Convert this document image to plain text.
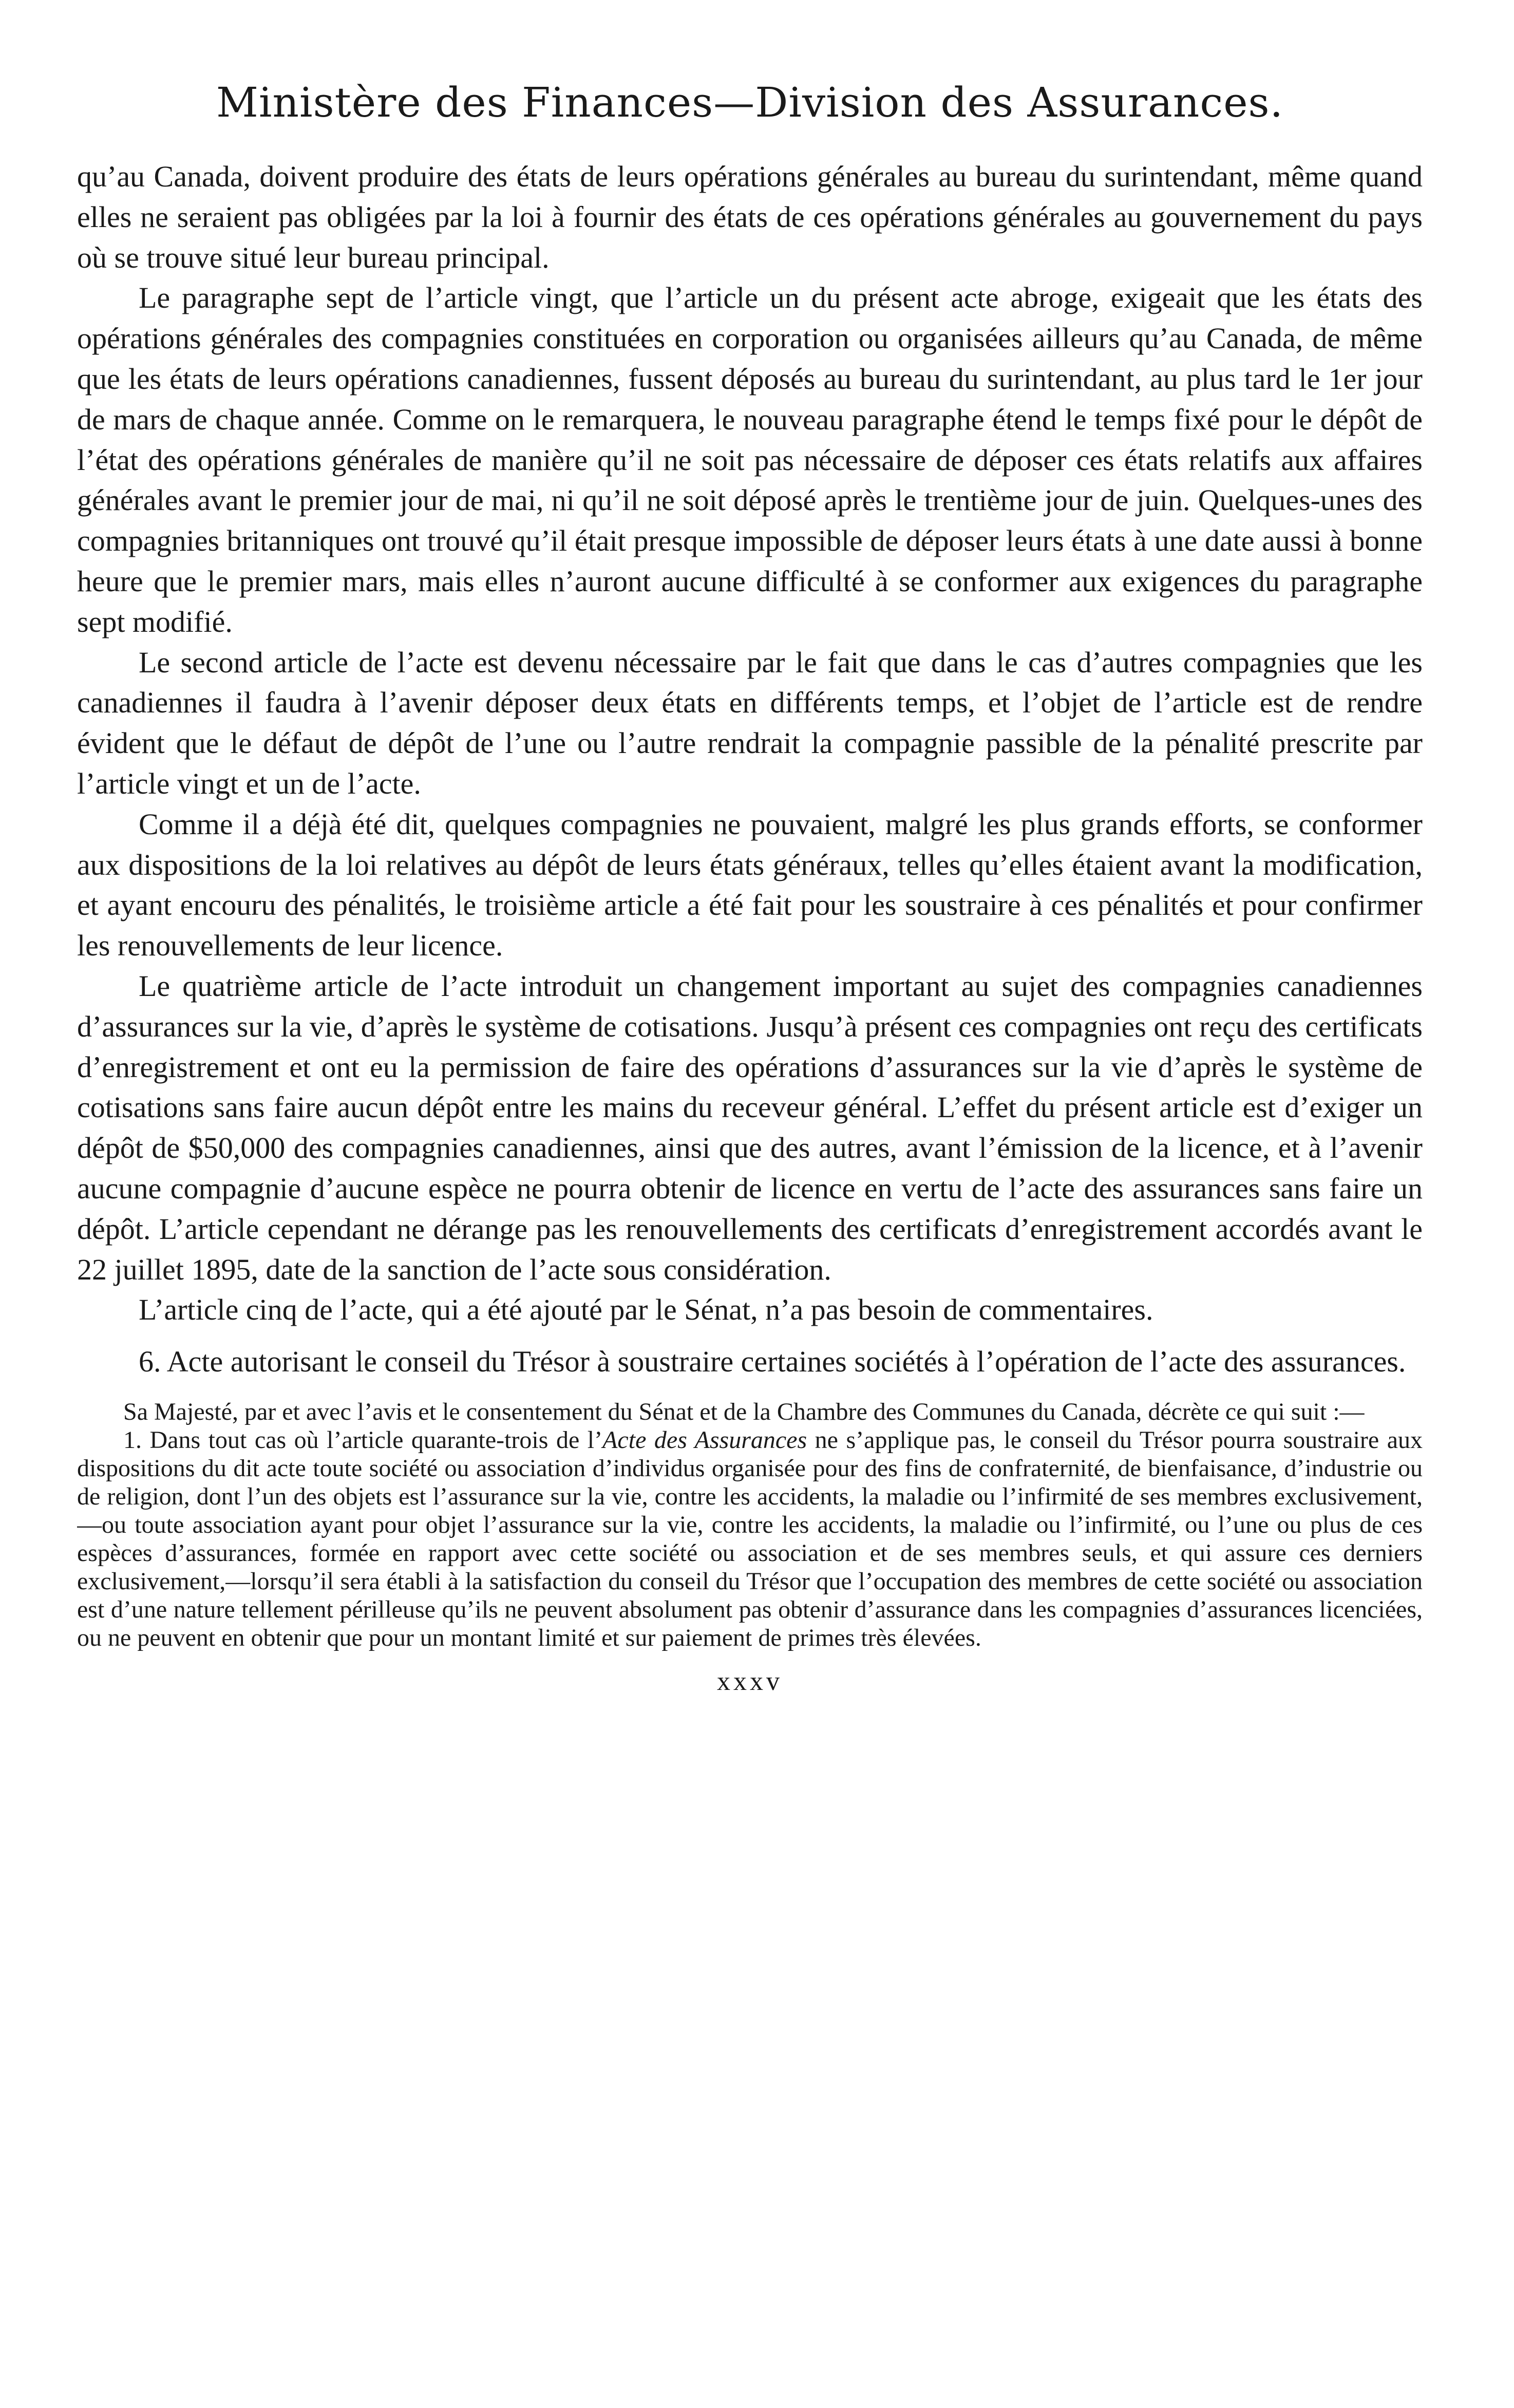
Ministère des Finances—Division des Assurances.

qu’au Canada, doivent produire des états de leurs opérations générales au bureau du surintendant, même quand elles ne seraient pas obligées par la loi à fournir des états de ces opérations générales au gouvernement du pays où se trouve situé leur bureau principal.

Le paragraphe sept de l’article vingt, que l’article un du présent acte abroge, exigeait que les états des opérations générales des compagnies constituées en corporation ou organisées ailleurs qu’au Canada, de même que les états de leurs opérations canadiennes, fussent déposés au bureau du surintendant, au plus tard le 1er jour de mars de chaque année. Comme on le remarquera, le nouveau paragraphe étend le temps fixé pour le dépôt de l’état des opérations générales de manière qu’il ne soit pas nécessaire de déposer ces états relatifs aux affaires générales avant le premier jour de mai, ni qu’il ne soit déposé après le trentième jour de juin. Quelques-unes des compagnies britanniques ont trouvé qu’il était presque impossible de déposer leurs états à une date aussi à bonne heure que le premier mars, mais elles n’auront aucune difficulté à se conformer aux exigences du paragraphe sept modifié.

Le second article de l’acte est devenu nécessaire par le fait que dans le cas d’autres compagnies que les canadiennes il faudra à l’avenir déposer deux états en différents temps, et l’objet de l’article est de rendre évident que le défaut de dépôt de l’une ou l’autre rendrait la compagnie passible de la pénalité prescrite par l’article vingt et un de l’acte.

Comme il a déjà été dit, quelques compagnies ne pouvaient, malgré les plus grands efforts, se conformer aux dispositions de la loi relatives au dépôt de leurs états généraux, telles qu’elles étaient avant la modification, et ayant encouru des pénalités, le troisième article a été fait pour les soustraire à ces pénalités et pour confirmer les renouvellements de leur licence.

Le quatrième article de l’acte introduit un changement important au sujet des compagnies canadiennes d’assurances sur la vie, d’après le système de cotisations. Jusqu’à présent ces compagnies ont reçu des certificats d’enregistrement et ont eu la permission de faire des opérations d’assurances sur la vie d’après le système de cotisations sans faire aucun dépôt entre les mains du receveur général. L’effet du présent article est d’exiger un dépôt de $50,000 des compagnies canadiennes, ainsi que des autres, avant l’émission de la licence, et à l’avenir aucune compagnie d’aucune espèce ne pourra obtenir de licence en vertu de l’acte des assurances sans faire un dépôt. L’article cependant ne dérange pas les renouvellements des certificats d’enregistrement accordés avant le 22 juillet 1895, date de la sanction de l’acte sous considération.

L’article cinq de l’acte, qui a été ajouté par le Sénat, n’a pas besoin de commentaires.

6. Acte autorisant le conseil du Trésor à soustraire certaines sociétés à l’opération de l’acte des assurances.

Sa Majesté, par et avec l’avis et le consentement du Sénat et de la Chambre des Communes du Canada, décrète ce qui suit :—

1. Dans tout cas où l’article quarante-trois de l’Acte des Assurances ne s’applique pas, le conseil du Trésor pourra soustraire aux dispositions du dit acte toute société ou association d’individus organisée pour des fins de confraternité, de bienfaisance, d’industrie ou de religion, dont l’un des objets est l’assurance sur la vie, contre les accidents, la maladie ou l’infirmité de ses membres exclusivement,—ou toute association ayant pour objet l’assurance sur la vie, contre les accidents, la maladie ou l’infirmité, ou l’une ou plus de ces espèces d’assurances, formée en rapport avec cette société ou association et de ses membres seuls, et qui assure ces derniers exclusivement,—lorsqu’il sera établi à la satisfaction du conseil du Trésor que l’occupation des membres de cette société ou association est d’une nature tellement périlleuse qu’ils ne peuvent absolument pas obtenir d’assurance dans les compagnies d’assurances licenciées, ou ne peuvent en obtenir que pour un montant limité et sur paiement de primes très élevées.

xxxv
